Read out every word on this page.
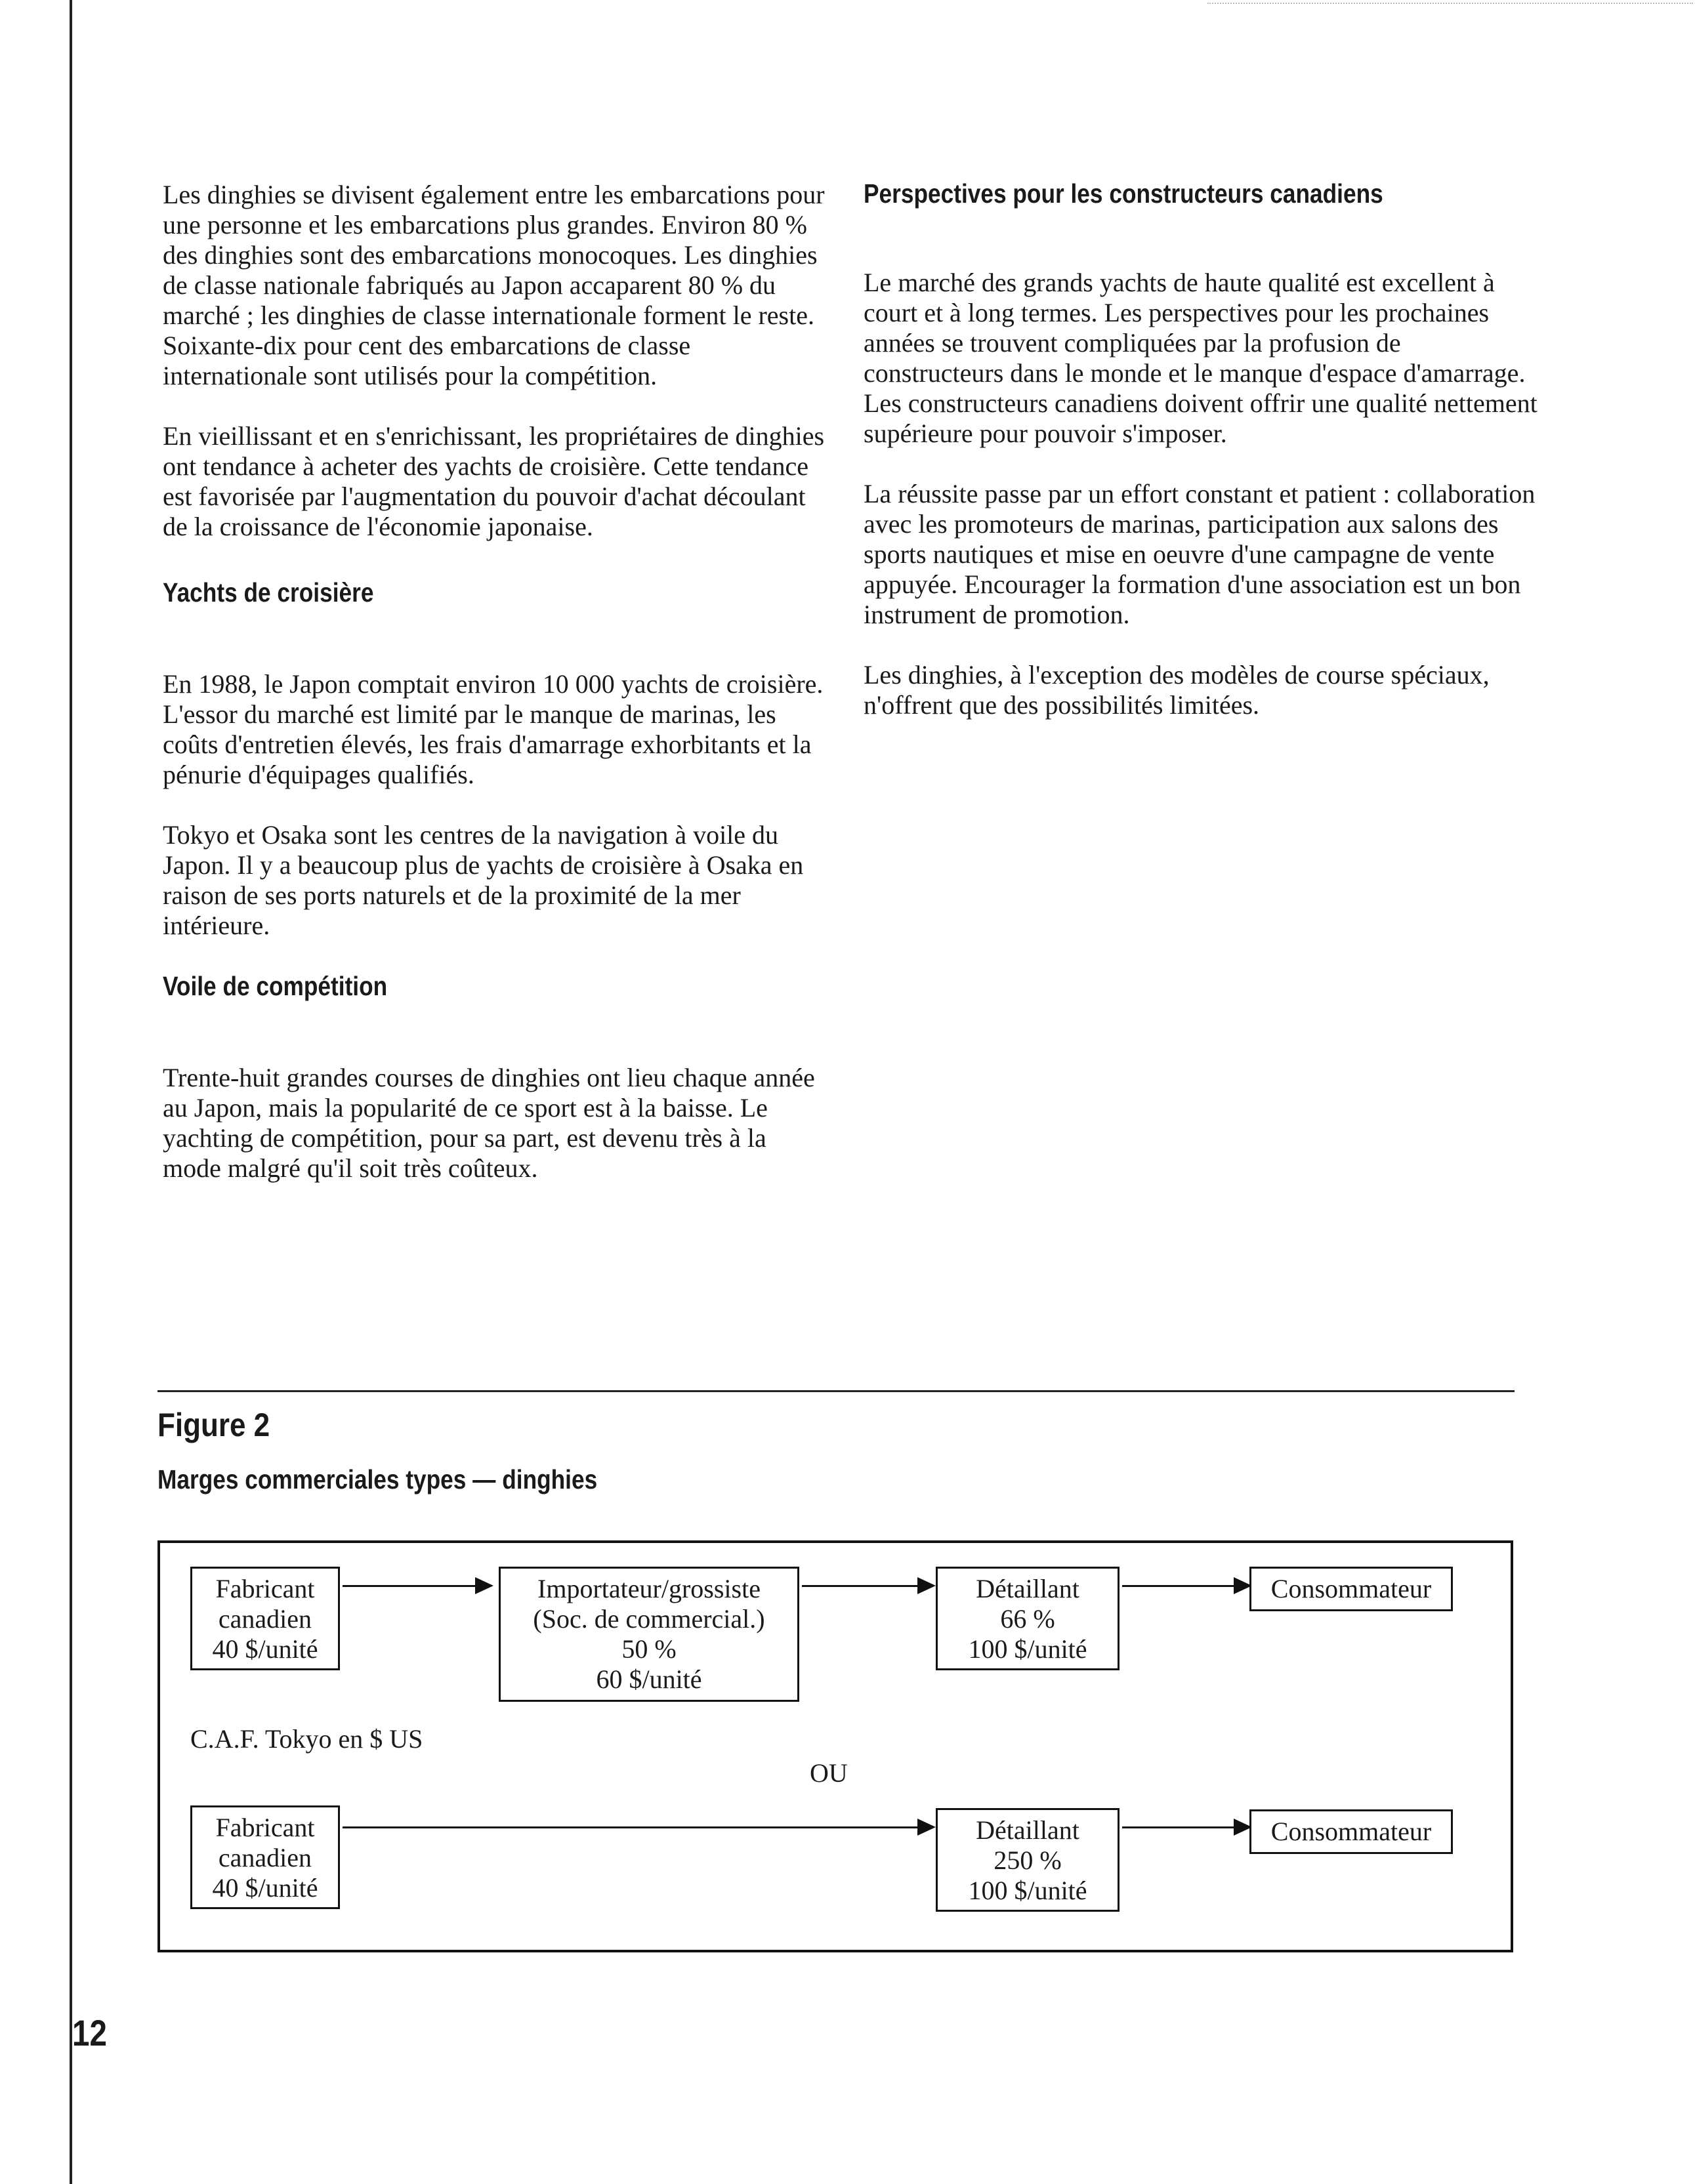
Les dinghies se divisent également entre les embarcations pour une personne et les embarcations plus grandes. Environ 80 % des dinghies sont des embarcations monocoques. Les dinghies de classe nationale fabriqués au Japon accaparent 80 % du marché ; les dinghies de classe internationale forment le reste. Soixante-dix pour cent des embarcations de classe internationale sont utilisés pour la compétition.

En vieillissant et en s'enrichissant, les propriétaires de dinghies ont tendance à acheter des yachts de croisière. Cette tendance est favorisée par l'augmentation du pouvoir d'achat découlant de la croissance de l'économie japonaise.

Yachts de croisière

En 1988, le Japon comptait environ 10 000 yachts de croisière. L'essor du marché est limité par le manque de marinas, les coûts d'entretien élevés, les frais d'amarrage exhorbitants et la pénurie d'équipages qualifiés.

Tokyo et Osaka sont les centres de la navigation à voile du Japon. Il y a beaucoup plus de yachts de croisière à Osaka en raison de ses ports naturels et de la proximité de la mer intérieure.

Voile de compétition

Trente-huit grandes courses de dinghies ont lieu chaque année au Japon, mais la popularité de ce sport est à la baisse. Le yachting de compétition, pour sa part, est devenu très à la mode malgré qu'il soit très coûteux.

Perspectives pour les constructeurs canadiens

Le marché des grands yachts de haute qualité est excellent à court et à long termes. Les perspectives pour les prochaines années se trouvent compliquées par la profusion de constructeurs dans le monde et le manque d'espace d'amarrage. Les constructeurs canadiens doivent offrir une qualité nettement supérieure pour pouvoir s'imposer.

La réussite passe par un effort constant et patient : collaboration avec les promoteurs de marinas, participation aux salons des sports nautiques et mise en oeuvre d'une campagne de vente appuyée. Encourager la formation d'une association est un bon instrument de promotion.

Les dinghies, à l'exception des modèles de course spéciaux, n'offrent que des possibilités limitées.

Figure 2
Marges commerciales types — dinghies
Fabricant
canadien
40 $/unité
Importateur/grossiste
(Soc. de commercial.)
50 %
60 $/unité
Détaillant
66 %
100 $/unité
Consommateur
C.A.F. Tokyo en $ US
OU
Fabricant
canadien
40 $/unité
Détaillant
250 %
100 $/unité
Consommateur
12
